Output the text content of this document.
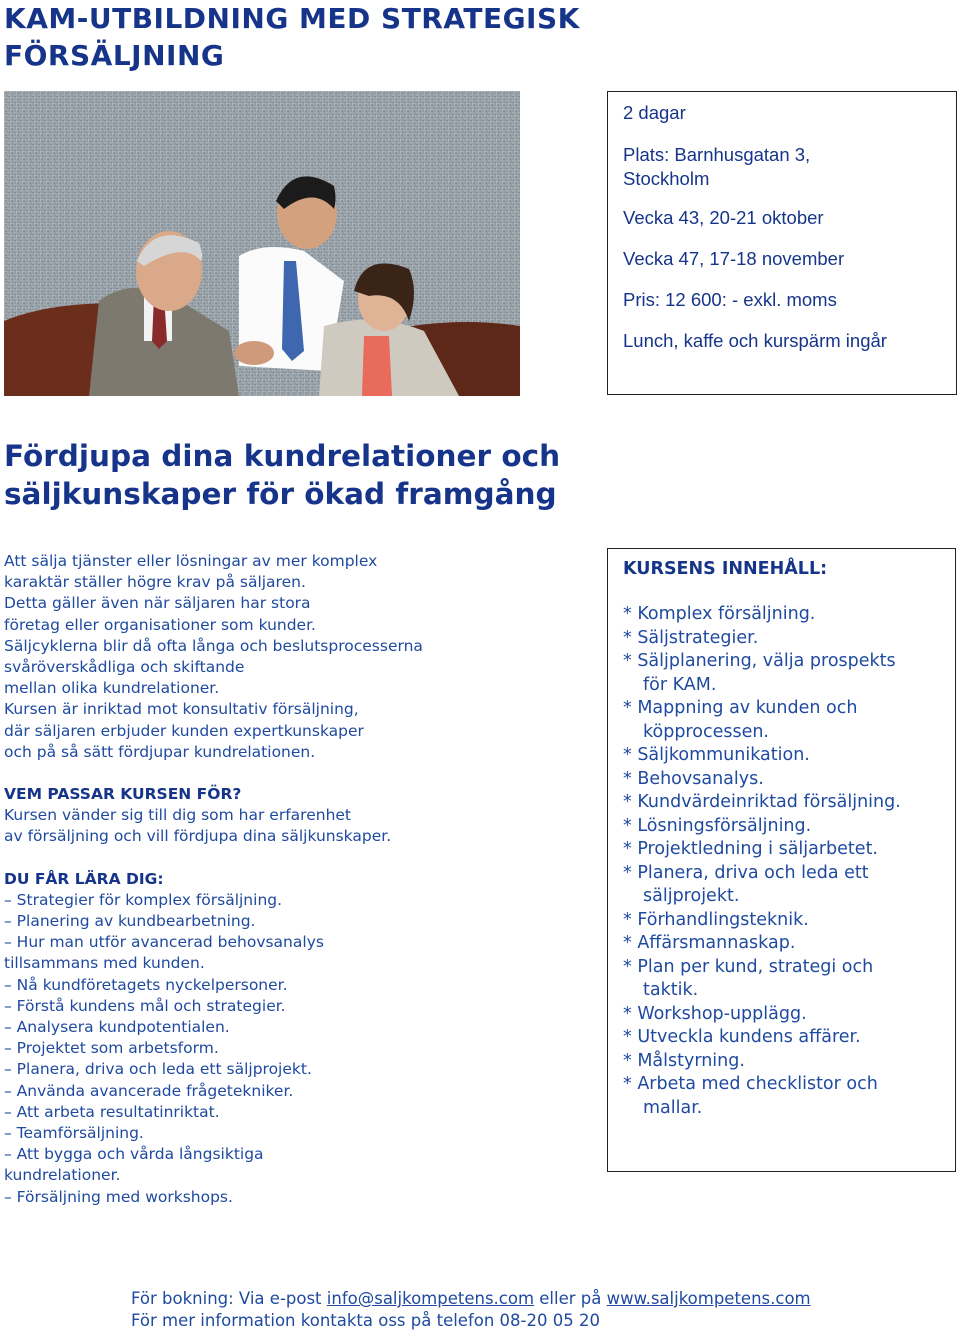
KAM-UTBILDNING MED STRATEGISK
FÖRSÄLJNING
2 dagar
Plats: Barnhusgatan 3,
Stockholm
Vecka 43, 20-21 oktober
Vecka 47, 17-18 november
Pris: 12 600: - exkl. moms
Lunch, kaffe och kurspärm ingår
Fördjupa dina kundrelationer och
säljkunskaper för ökad framgång

Att sälja tjänster eller lösningar av mer komplex
karaktär ställer högre krav på säljaren.
Detta gäller även när säljaren har stora
företag eller organisationer som kunder.
Säljcyklerna blir då ofta långa och beslutsprocesserna
svåröverskådliga och skiftande
mellan olika kundrelationer.
Kursen är inriktad mot konsultativ försäljning,
där säljaren erbjuder kunden expertkunskaper
och på så sätt fördjupar kundrelationen.

VEM PASSAR KURSEN FÖR?

Kursen vänder sig till dig som har erfarenhet
av försäljning och vill fördjupa dina säljkunskaper.

DU FÅR LÄRA DIG:
– Strategier för komplex försäljning.
– Planering av kundbearbetning.
– Hur man utför avancerad behovsanalys
tillsammans med kunden.
– Nå kundföretagets nyckelpersoner.
– Förstå kundens mål och strategier.
– Analysera kundpotentialen.
– Projektet som arbetsform.
– Planera, driva och leda ett säljprojekt.
– Använda avancerade frågetekniker.
– Att arbeta resultatinriktat.
– Teamförsäljning.
– Att bygga och vårda långsiktiga
kundrelationer.
– Försäljning med workshops.
KURSENS INNEHÅLL:
* Komplex försäljning.
* Säljstrategier.
* Säljplanering, välja prospekts
för KAM.
* Mappning av kunden och
köpprocessen.
* Säljkommunikation.
* Behovsanalys.
* Kundvärdeinriktad försäljning.
* Lösningsförsäljning.
* Projektledning i säljarbetet.
* Planera, driva och leda ett
säljprojekt.
* Förhandlingsteknik.
* Affärsmannaskap.
* Plan per kund, strategi och
taktik.
* Workshop-upplägg.
* Utveckla kundens affärer.
* Målstyrning.
* Arbeta med checklistor och
mallar.
För bokning: Via e-post info@saljkompetens.com eller på www.saljkompetens.com
För mer information kontakta oss på telefon 08-20 05 20
